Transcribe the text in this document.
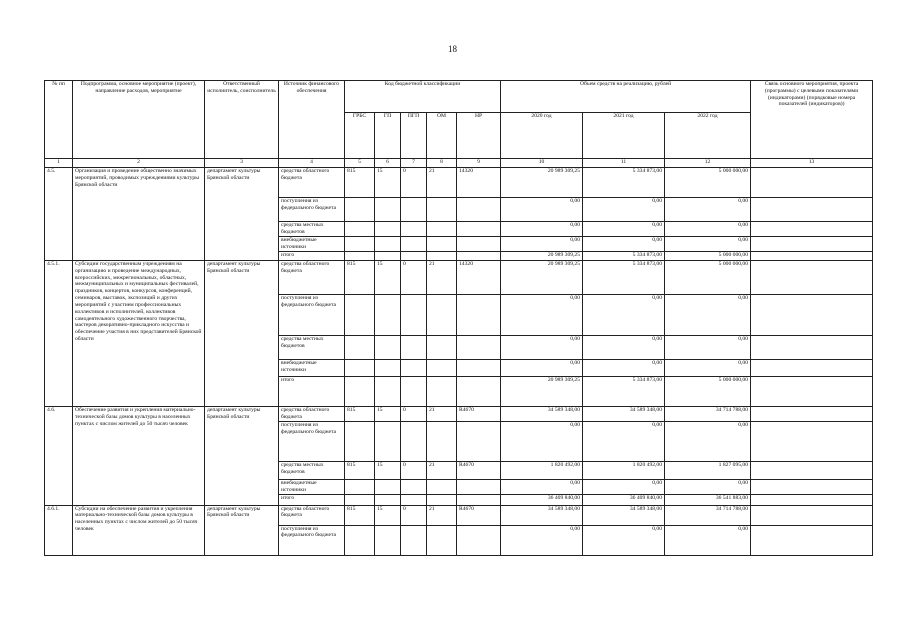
18
№ пп	Подпрограмма, основное мероприятие (проект), направление расходов, мероприятие	Ответственный исполнитель, соисполнитель	Источник финансового обеспечения	Код бюджетной классификации					Объем средств на реализацию, рублей			Связь основного мероприятия, проекта (программы) с целевыми показателями (индикаторами) (порядковые номера показателей (индикаторов))
				ГРБС	ГП	ПГП	ОМ	НР	2020 год	2021 год	2022 год	
1	2	3	4	5	6	7	8	9	10	11	12	13
4.5.	Организация и проведение общественно значимых мероприятий, проводимых учреждениями культуры Брянской области	департамент культуры Брянской области	средства областного бюджета	815	15	0	21	14320	20 989 309,25	5 334 873,00	5 000 000,00	
			поступления из федерального бюджета						0,00	0,00	0,00	
			средства местных бюджетов						0,00	0,00	0,00	
			внебюджетные источники						0,00	0,00	0,00	
			итого						20 989 309,25	5 334 873,00	5 000 000,00	
4.5.1.	Субсидии государственным учреждениям на организацию и проведение международных, всероссийских, межрегиональных, областных, межмуниципальных и муниципальных фестивалей, праздников, концертов, конкурсов, конференций, семинаров, выставок, экспозиций и других мероприятий с участием профессиональных коллективов и исполнителей, коллективов самодеятельного художественного творчества, мастеров декоративно-прикладного искусства и обеспечение участия в них представителей Брянской области	департамент культуры Брянской области	средства областного бюджета	815	15	0	21	14320	20 989 309,25	5 334 873,00	5 000 000,00	
			поступления из федерального бюджета						0,00	0,00	0,00	
			средства местных бюджетов						0,00	0,00	0,00	
			внебюджетные источники						0,00	0,00	0,00	
			итого						20 989 309,25	5 334 873,00	5 000 000,00	
4.6.	Обеспечение развития и укрепления материально-технической базы домов культуры в населенных пунктах с числом жителей до 50 тысяч человек	департамент культуры Брянской области	средства областного бюджета	815	15	0	21	R4670	34 589 348,00	34 589 348,00	34 714 788,00	
			поступления из федерального бюджета						0,00	0,00	0,00	
			средства местных бюджетов	815	15	0	21	R4670	1 820 492,00	1 820 492,00	1 827 095,00	
			внебюджетные источники						0,00	0,00	0,00	
			итого						36 409 840,00	36 409 840,00	36 541 883,00	
4.6.1.	Субсидии на обеспечение развития и укрепления материально-технической базы домов культуры в населенных пунктах с числом жителей до 50 тысяч человек	департамент культуры Брянской области	средства областного бюджета	815	15	0	21	R4670	34 589 348,00	34 589 348,00	34 714 788,00	
			поступления из федерального бюджета						0,00	0,00	0,00	
